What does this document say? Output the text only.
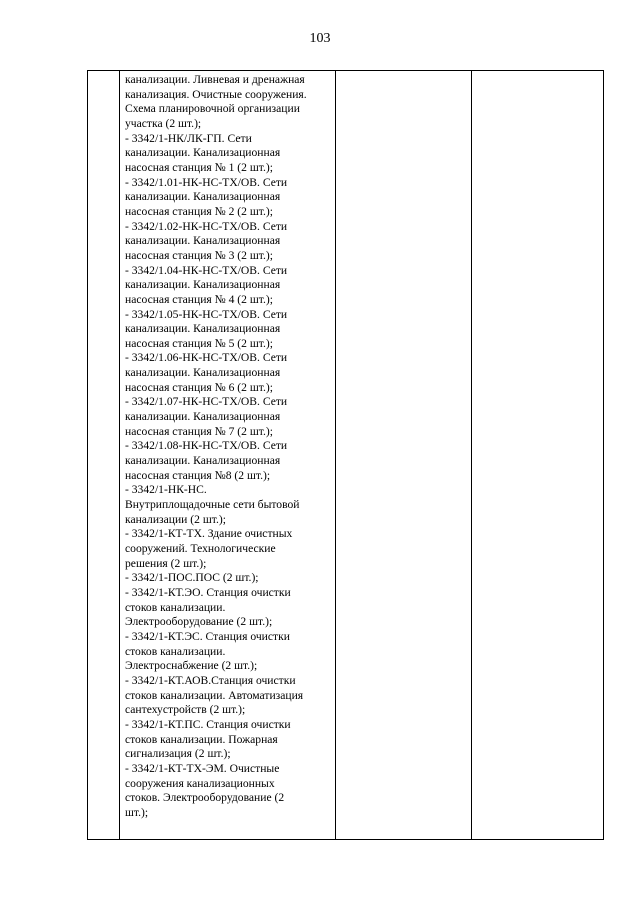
103

канализации. Ливневая и дренажная
канализация. Очистные сооружения.
Схема планировочной организации
участка (2 шт.);
- 3342/1-НК/ЛК-ГП. Сети
канализации. Канализационная
насосная станция № 1 (2 шт.);
- 3342/1.01-НК-НС-ТХ/ОВ. Сети
канализации. Канализационная
насосная станция № 2 (2 шт.);
- 3342/1.02-НК-НС-ТХ/ОВ. Сети
канализации. Канализационная
насосная станция № 3 (2 шт.);
- 3342/1.04-НК-НС-ТХ/ОВ. Сети
канализации. Канализационная
насосная станция № 4 (2 шт.);
- 3342/1.05-НК-НС-ТХ/ОВ. Сети
канализации. Канализационная
насосная станция № 5 (2 шт.);
- 3342/1.06-НК-НС-ТХ/ОВ. Сети
канализации. Канализационная
насосная станция № 6 (2 шт.);
- 3342/1.07-НК-НС-ТХ/ОВ. Сети
канализации. Канализационная
насосная станция № 7 (2 шт.);
- 3342/1.08-НК-НС-ТХ/ОВ. Сети
канализации. Канализационная
насосная станция №8 (2 шт.);
- 3342/1-НК-НС.
Внутриплощадочные сети бытовой
канализации (2 шт.);
- 3342/1-КТ-ТХ. Здание очистных
сооружений. Технологические
решения (2 шт.);
- 3342/1-ПОС.ПОС (2 шт.);
- 3342/1-КТ.ЭО. Станция очистки
стоков канализации.
Электрооборудование (2 шт.);
- 3342/1-КТ.ЭС. Станция очистки
стоков канализации.
Электроснабжение (2 шт.);
- 3342/1-КТ.АОВ.Станция очистки
стоков канализации. Автоматизация
сантехустройств (2 шт.);
- 3342/1-КТ.ПС. Станция очистки
стоков канализации. Пожарная
сигнализация (2 шт.);
- 3342/1-КТ-ТХ-ЭМ. Очистные
сооружения канализационных
стоков. Электрооборудование (2
шт.);
